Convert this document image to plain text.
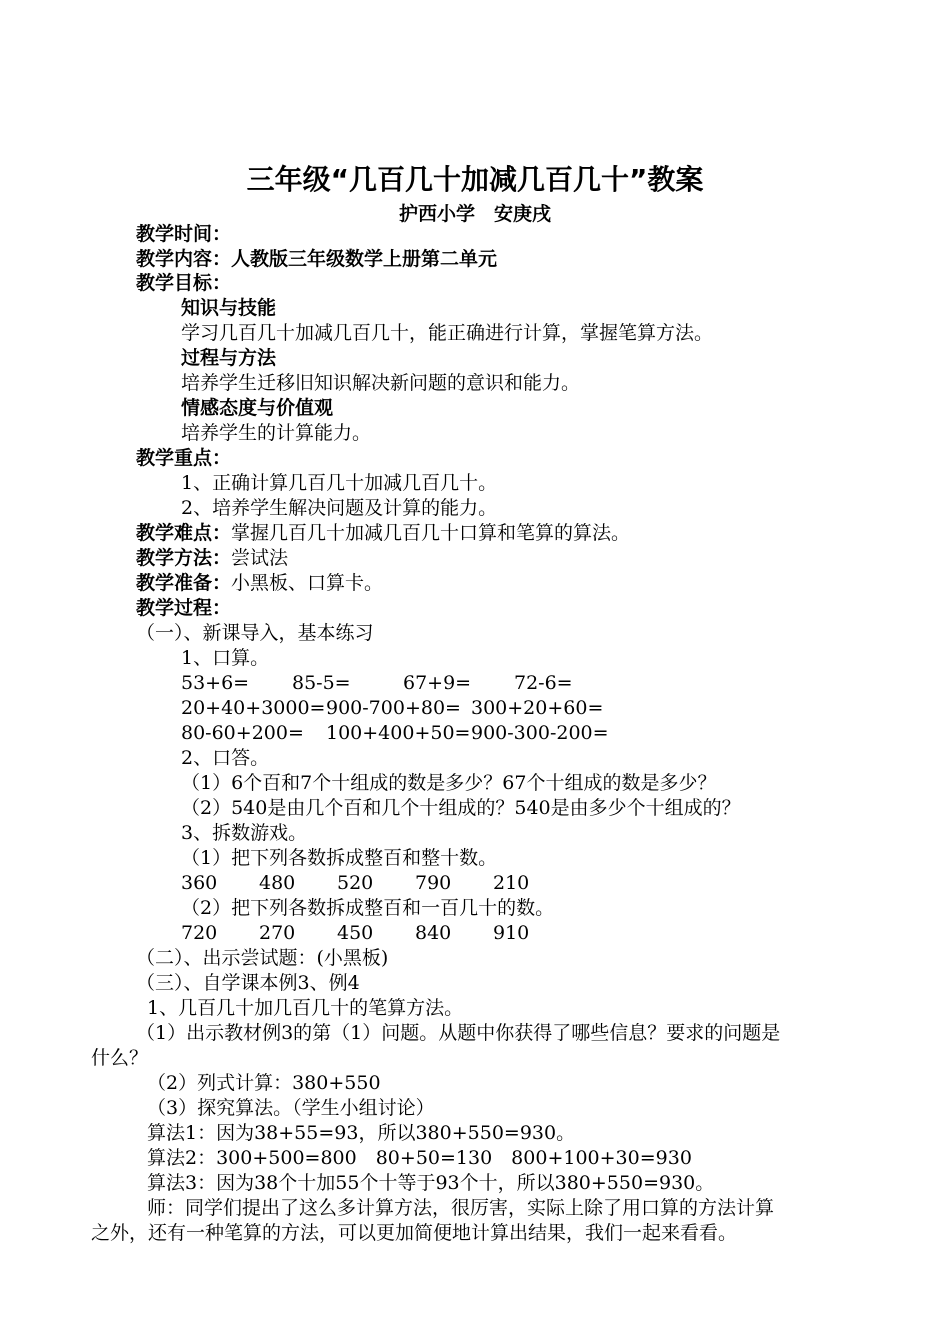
三年级“几百几十加减几百几十”教案
护西小学　安庚戌
教学时间：
教学内容：人教版三年级数学上册第二单元
教学目标：
知识与技能
学习几百几十加减几百几十，能正确进行计算，掌握笔算方法。
过程与方法
培养学生迁移旧知识解决新问题的意识和能力。
情感态度与价值观
培养学生的计算能力。
教学重点：
1、正确计算几百几十加减几百几十。
2、培养学生解决问题及计算的能力。
教学难点：掌握几百几十加减几百几十口算和笔算的算法。
教学方法：尝试法
教学准备：小黑板、口算卡。
教学过程：
（一）、新课导入，基本练习
1、口算。
53+6= 85-5=	67+9= 72-6=
20+40+3000=900-700+80= 300+20+60=
80-60+200= 100+400+50=900-300-200=
2、口答。
（1）6个百和7个十组成的数是多少？67个十组成的数是多少？
（2）540是由几个百和几个十组成的？540是由多少个十组成的？
3、拆数游戏。
（1）把下列各数拆成整百和整十数。
360 480 520 790 210
（2）把下列各数拆成整百和一百几十的数。
720 270 450 840 910
（二）、出示尝试题：(小黑板)
（三）、自学课本例3、例4
1、几百几十加几百几十的笔算方法。
（1）出示教材例3的第（1）问题。从题中你获得了哪些信息？要求的问题是
什么？
（2）列式计算：380+550
（3）探究算法。（学生小组讨论）
算法1：因为38+55=93，所以380+550=930。
算法2：300+500=800　80+50=130　800+100+30=930
算法3：因为38个十加55个十等于93个十，所以380+550=930。
师：同学们提出了这么多计算方法，很厉害，实际上除了用口算的方法计算
之外，还有一种笔算的方法，可以更加简便地计算出结果，我们一起来看看。
